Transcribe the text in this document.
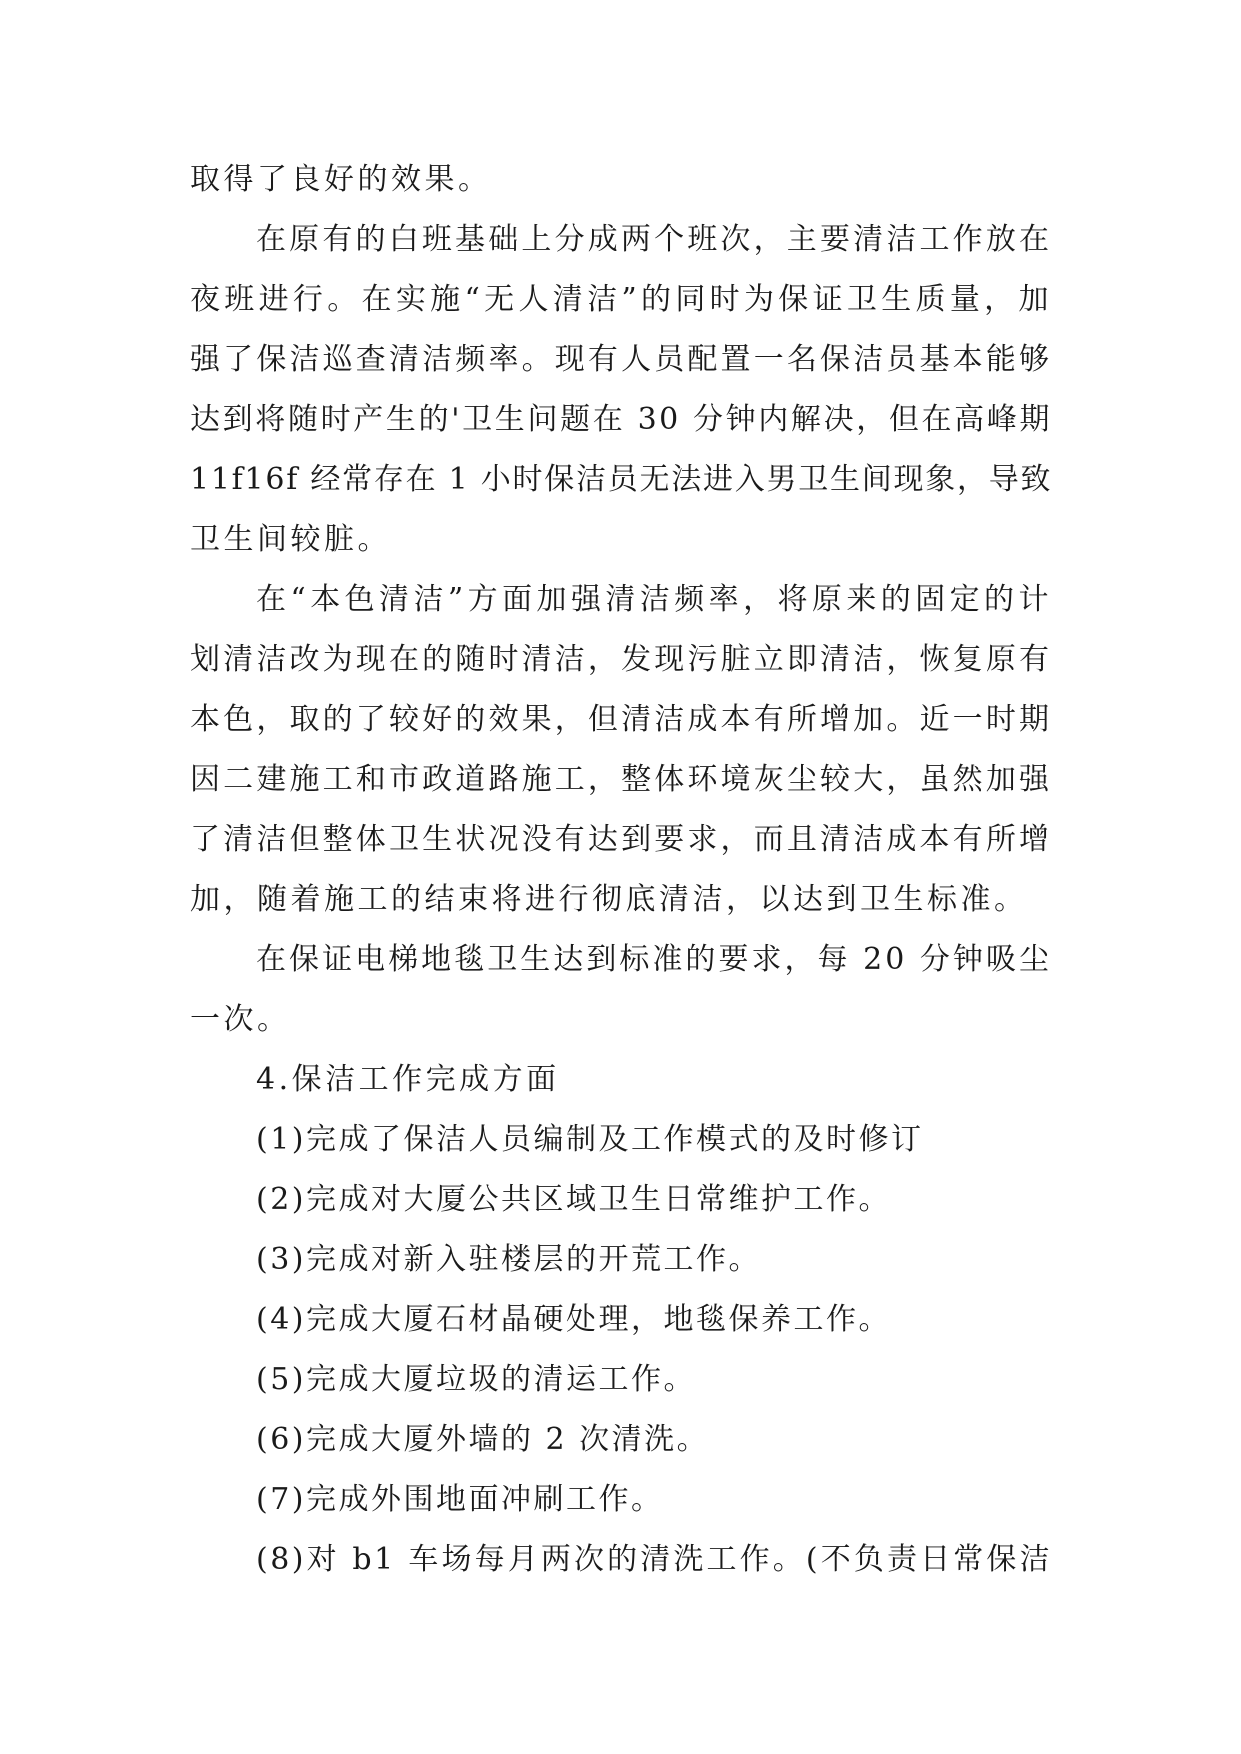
取得了良好的效果。
在原有的白班基础上分成两个班次，主要清洁工作放在
夜班进行。在实施“无人清洁”的同时为保证卫生质量，加
强了保洁巡查清洁频率。现有人员配置一名保洁员基本能够
达到将随时产生的'卫生问题在 30 分钟内解决，但在高峰期
11f16f 经常存在 1 小时保洁员无法进入男卫生间现象，导致
卫生间较脏。
在“本色清洁”方面加强清洁频率，将原来的固定的计
划清洁改为现在的随时清洁，发现污脏立即清洁，恢复原有
本色，取的了较好的效果，但清洁成本有所增加。近一时期
因二建施工和市政道路施工，整体环境灰尘较大，虽然加强
了清洁但整体卫生状况没有达到要求，而且清洁成本有所增
加，随着施工的结束将进行彻底清洁，以达到卫生标准。
在保证电梯地毯卫生达到标准的要求，每 20 分钟吸尘
一次。
4.保洁工作完成方面
(1)完成了保洁人员编制及工作模式的及时修订
(2)完成对大厦公共区域卫生日常维护工作。
(3)完成对新入驻楼层的开荒工作。
(4)完成大厦石材晶硬处理，地毯保养工作。
(5)完成大厦垃圾的清运工作。
(6)完成大厦外墙的 2 次清洗。
(7)完成外围地面冲刷工作。
(8)对 b1 车场每月两次的清洗工作。(不负责日常保洁
